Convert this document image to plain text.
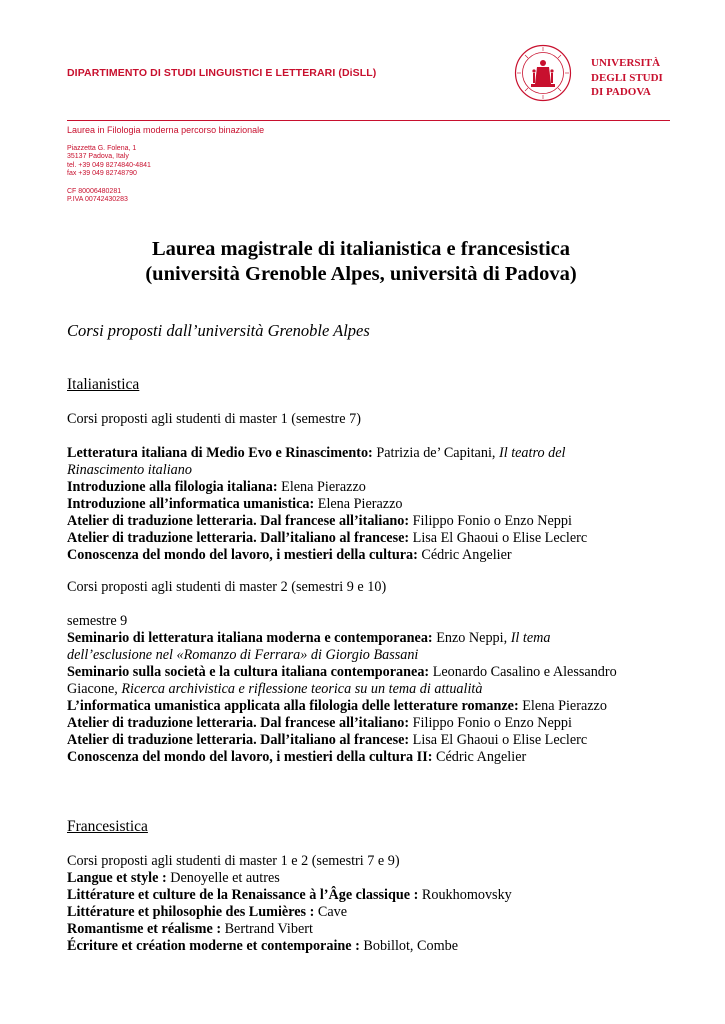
DIPARTIMENTO DI STUDI LINGUISTICI E LETTERARI (DiSLL)
UNIVERSITÀ
DEGLI STUDI
DI PADOVA
Laurea in Filologia moderna percorso binazionale
Piazzetta G. Folena, 1
35137 Padova, Italy
tel. +39 049 8274840-4841
fax +39 049 82748790
CF 80006480281
P.IVA 00742430283
Laurea magistrale di italianistica e francesistica
(università Grenoble Alpes, università di Padova)
Corsi proposti dall’università Grenoble Alpes
Italianistica

Corsi proposti agli studenti di master 1 (semestre 7)

Letteratura italiana di Medio Evo e Rinascimento: Patrizia de’ Capitani, Il teatro del

Rinascimento italiano

Introduzione alla filologia italiana: Elena Pierazzo

Introduzione all’informatica umanistica: Elena Pierazzo

Atelier di traduzione letteraria. Dal francese all’italiano: Filippo Fonio o Enzo Neppi

Atelier di traduzione letteraria. Dall’italiano al francese: Lisa El Ghaoui o Elise Leclerc

Conoscenza del mondo del lavoro, i mestieri della cultura: Cédric Angelier

Corsi proposti agli studenti di master 2 (semestri 9 e 10)

semestre 9

Seminario di letteratura italiana moderna e contemporanea: Enzo Neppi, Il tema

dell’esclusione nel «Romanzo di Ferrara» di Giorgio Bassani

Seminario sulla società e la cultura italiana contemporanea: Leonardo Casalino e Alessandro

Giacone, Ricerca archivistica e riflessione teorica su un tema di attualità

L’informatica umanistica applicata alla filologia delle letterature romanze: Elena Pierazzo

Atelier di traduzione letteraria. Dal francese all’italiano: Filippo Fonio o Enzo Neppi

Atelier di traduzione letteraria. Dall’italiano al francese: Lisa El Ghaoui o Elise Leclerc

Conoscenza del mondo del lavoro, i mestieri della cultura II: Cédric Angelier

Francesistica

Corsi proposti agli studenti di master 1 e 2 (semestri 7 e 9)

Langue et style : Denoyelle et autres

Littérature et culture de la Renaissance à l’Âge classique : Roukhomovsky

Littérature et philosophie des Lumières : Cave

Romantisme et réalisme : Bertrand Vibert

Écriture et création moderne et contemporaine : Bobillot, Combe
